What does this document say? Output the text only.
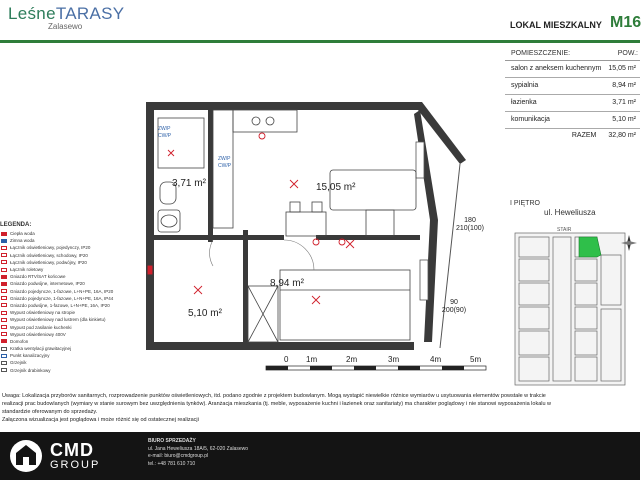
LeśneTARASY
Zalasewo	LOKAL MIESZKALNY M16
POMIESZCZENIE:	POW.:
salon z aneksem kuchennym 15,05 m²
sypialnia	8,94 m²
łazienka	3,71 m²
komunikacja	5,10 m²
RAZEM 32,80 m²
I PIĘTRO
ul. Heweliusza
STAIR
LEGENDA:
Ciepła woda
Zimna woda
Łącznik oświetleniowy, pojedynczy, IP20
Łącznik oświetleniowy, schodowy, IP20
Łącznik oświetleniowy, podwójny, IP20
Łącznik roletowy
Gniazdo RTV/SAT końcowe
Gniazdo podwójne, internetowe, IP20
Gniazdo pojedyncze, 1-fazowe, L+N+PE, 16A, IP20
Gniazdo pojedyncze, 1-fazowe, L+N+PE, 16A, IP44
Gniazdo podwójne, 1-fazowe, L+N+PE, 16A, IP20
Wypust oświetleniowy na stropie
Wypust oświetleniowy nad lustrem (dla kinkietu)
Wypust pod zasilanie kuchenki
Wypust oświetleniowy 400V
Domofon
Kratka wentylacji grawitacyjnej
Punkt kanalizacyjny
Grzejnik
Grzejnik drabinkowy
ZW/P
CW/P
ZW/P
CW/P
15,05 m²
3,71 m²
8,94 m²
5,10 m²
180
210(100)
90
200(90)
0 1m	2m	3m	4m	5m
Uwaga: Lokalizacja przyborów sanitarnych, rozprowadzenie punktów oświetleniowych, itd. podano zgodnie z projektem budowlanym. Mogą wystąpić niewielkie różnice wymiarów u usytuowania elementów powstałe w trakcie
realizacji prac budowlanych (wymiary w stanie surowym bez uwzględnienia tynków). Aranżacja mieszkania (tj. meble, wyposażenie kuchni i łazienek oraz sanitariaty) ma charakter poglądowy i nie stanowi wyposażenia lokalu w
standardzie oferowanym do sprzedaży.
Załączona wizualizacja jest poglądowa i może różnić się od ostatecznej realizacji
CMD
GROUP
BIURO SPRZEDAŻY
ul. Jana Heweliusza 18A/5, 62-020 Zalasewo
e-mail: biuro@cmdgroup.pl
tel.: +48 781 610 710
